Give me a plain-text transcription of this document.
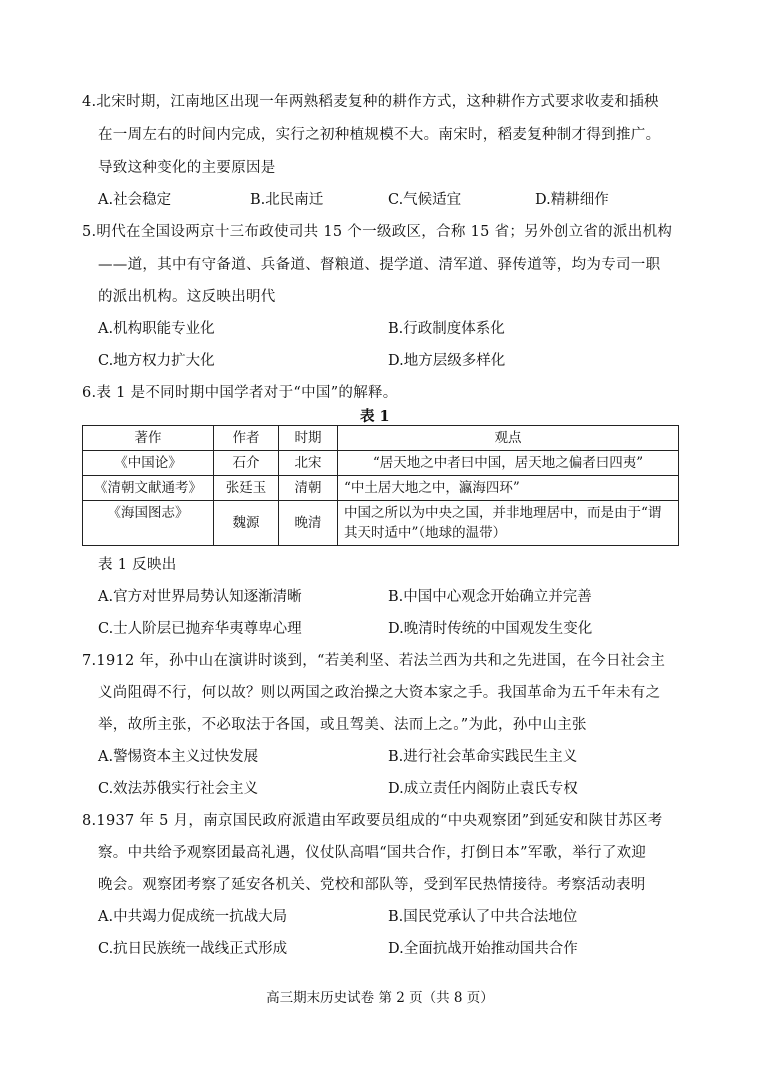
4.北宋时期，江南地区出现一年两熟稻麦复种的耕作方式，这种耕作方式要求收麦和插秧
在一周左右的时间内完成，实行之初种植规模不大。南宋时，稻麦复种制才得到推广。
导致这种变化的主要原因是
A.社会稳定	B.北民南迁	C.气候适宜	D.精耕细作
5.明代在全国设两京十三布政使司共 15 个一级政区，合称 15 省；另外创立省的派出机构
——道，其中有守备道、兵备道、督粮道、提学道、清军道、驿传道等，均为专司一职
的派出机构。这反映出明代
A.机构职能专业化	B.行政制度体系化
C.地方权力扩大化	D.地方层级多样化
6.表 1 是不同时期中国学者对于“中国”的解释。
表 1
著作	作者	时期	观点
《中国论》	石介	北宋	“居天地之中者曰中国，居天地之偏者曰四夷”
《清朝文献通考》	张廷玉	清朝	“中土居大地之中，瀛海四环”
《海国图志》	魏源	晚清	中国之所以为中央之国，并非地理居中，而是由于“谓其天时适中”（地球的温带）
表 1 反映出
A.官方对世界局势认知逐渐清晰	B.中国中心观念开始确立并完善
C.士人阶层已抛弃华夷尊卑心理	D.晚清时传统的中国观发生变化
7.1912 年，孙中山在演讲时谈到，“若美利坚、若法兰西为共和之先进国，在今日社会主
义尚阻碍不行，何以故？则以两国之政治操之大资本家之手。我国革命为五千年未有之
举，故所主张，不必取法于各国，或且驾美、法而上之。”为此，孙中山主张
A.警惕资本主义过快发展	B.进行社会革命实践民生主义
C.效法苏俄实行社会主义	D.成立责任内阁防止袁氏专权
8.1937 年 5 月，南京国民政府派遣由军政要员组成的“中央观察团”到延安和陕甘苏区考
察。中共给予观察团最高礼遇，仪仗队高唱“国共合作，打倒日本”军歌，举行了欢迎
晚会。观察团考察了延安各机关、党校和部队等，受到军民热情接待。考察活动表明
A.中共竭力促成统一抗战大局	B.国民党承认了中共合法地位
C.抗日民族统一战线正式形成	D.全面抗战开始推动国共合作
高三期末历史试卷 第 2 页（共 8 页）
